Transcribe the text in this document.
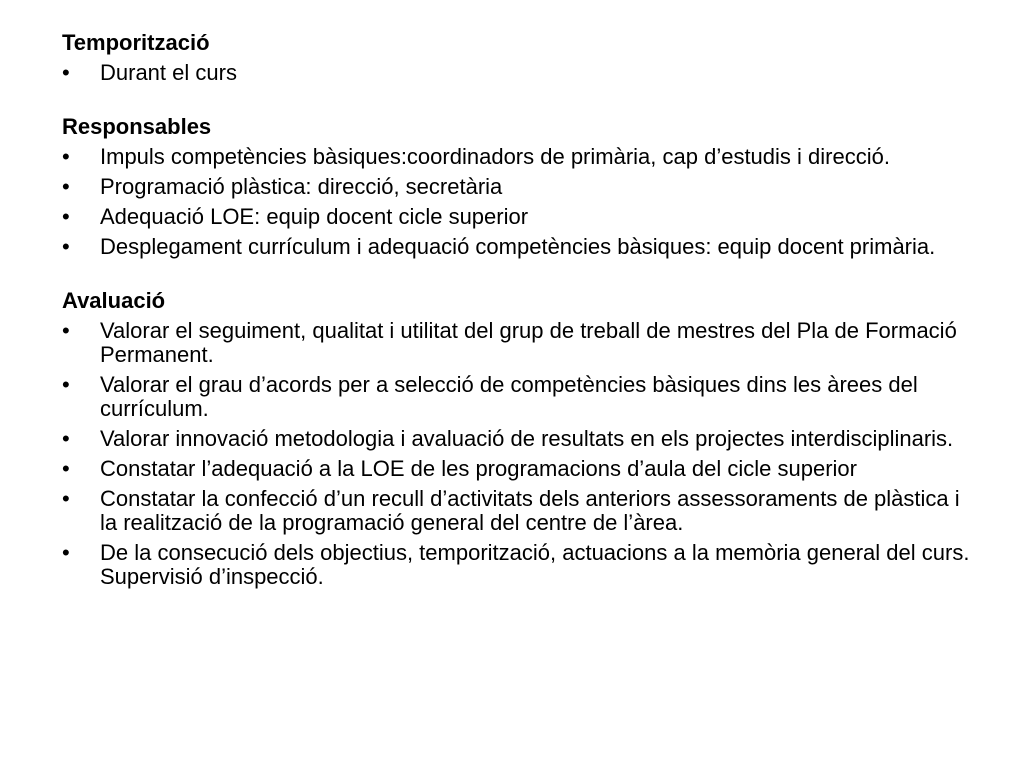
Temporització
• Durant el curs
Responsables
• Impuls competències bàsiques:coordinadors de primària, cap d’estudis i direcció.
• Programació plàstica: direcció, secretària
• Adequació LOE: equip docent cicle superior
• Desplegament currículum i adequació competències bàsiques: equip docent primària.
Avaluació
• Valorar el seguiment, qualitat i utilitat del grup de treball de mestres del Pla de Formació Permanent.
• Valorar el grau d’acords per a selecció de competències bàsiques dins les àrees del currículum.
• Valorar innovació metodologia i avaluació de resultats en els projectes interdisciplinaris.
• Constatar l’adequació a la LOE de les programacions d’aula del cicle superior
• Constatar la confecció d’un recull d’activitats dels anteriors assessoraments de plàstica i la realització de la programació general del centre de l’àrea.
• De la consecució dels objectius, temporització, actuacions a la memòria general del curs. Supervisió d’inspecció.
